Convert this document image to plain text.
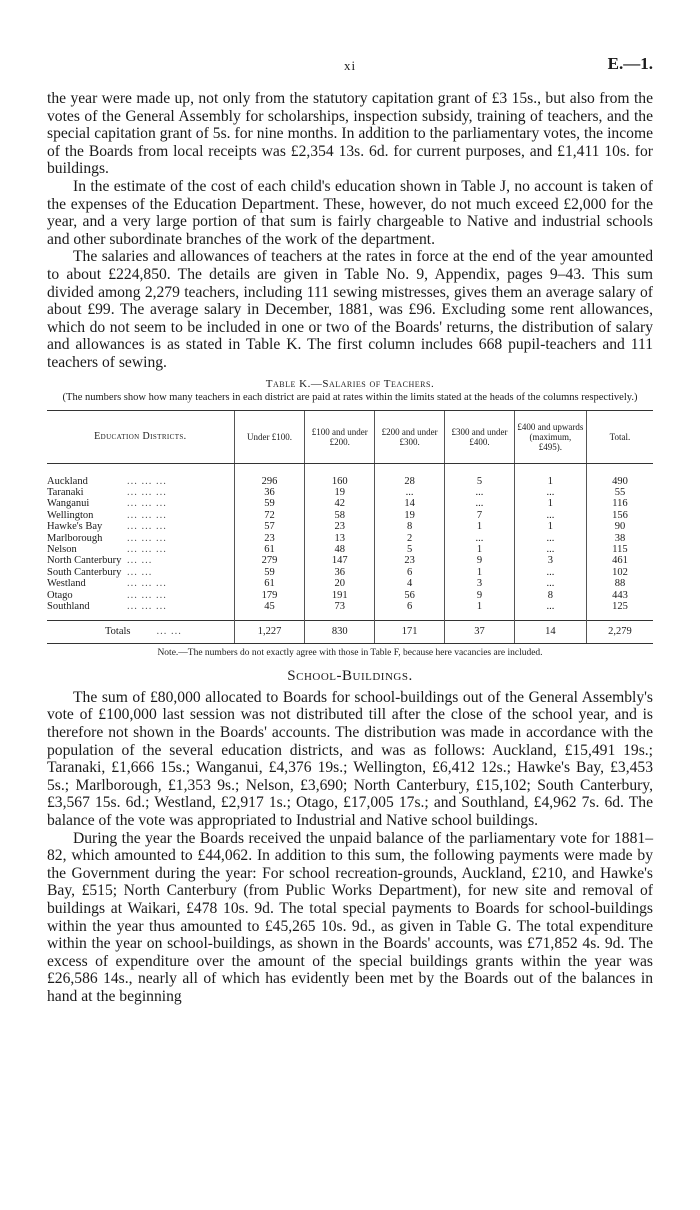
xi	E.—1.

the year were made up, not only from the statutory capitation grant of £3 15s., but also from the votes of the General Assembly for scholarships, inspection subsidy, training of teachers, and the special capitation grant of 5s. for nine months. In addition to the parliamentary votes, the income of the Boards from local receipts was £2,354 13s. 6d. for current purposes, and £1,411 10s. for buildings.

In the estimate of the cost of each child's education shown in Table J, no account is taken of the expenses of the Education Department. These, however, do not much exceed £2,000 for the year, and a very large portion of that sum is fairly chargeable to Native and industrial schools and other subordinate branches of the work of the department.

The salaries and allowances of teachers at the rates in force at the end of the year amounted to about £224,850. The details are given in Table No. 9, Appendix, pages 9–43. This sum divided among 2,279 teachers, including 111 sewing mistresses, gives them an average salary of about £99. The average salary in December, 1881, was £96. Excluding some rent allowances, which do not seem to be included in one or two of the Boards' returns, the distribution of salary and allowances is as stated in Table K. The first column includes 668 pupil-teachers and 111 teachers of sewing.

Table K.—Salaries of Teachers.
(The numbers show how many teachers in each district are paid at rates within the limits stated at the heads of the columns respectively.)
Education Districts.	Under £100.	£100 and under £200.	£200 and under £300.	£300 and under £400.	£400 and upwards (maximum, £495).	Total.
Auckland ... ... ...	296	160	28	5	1	490
Taranaki ... ... ...	36	19	...	...	...	55
Wanganui ... ... ...	59	42	14	...	1	116
Wellington ... ... ...	72	58	19	7	...	156
Hawke's Bay ... ... ...	57	23	8	1	1	90
Marlborough ... ... ...	23	13	2	...	...	38
Nelson ... ... ...	61	48	5	1	...	115
North Canterbury ... ...	279	147	23	9	3	461
South Canterbury ... ...	59	36	6	1	...	102
Westland ... ... ...	61	20	4	3	...	88
Otago ... ... ...	179	191	56	9	8	443
Southland ... ... ...	45	73	6	1	...	125
Totals ... ...	1,227	830	171	37	14	2,279
Note.—The numbers do not exactly agree with those in Table F, because here vacancies are included.
School-Buildings.

The sum of £80,000 allocated to Boards for school-buildings out of the General Assembly's vote of £100,000 last session was not distributed till after the close of the school year, and is therefore not shown in the Boards' accounts. The distribution was made in accordance with the population of the several education districts, and was as follows: Auckland, £15,491 19s.; Taranaki, £1,666 15s.; Wanganui, £4,376 19s.; Wellington, £6,412 12s.; Hawke's Bay, £3,453 5s.; Marlborough, £1,353 9s.; Nelson, £3,690; North Canterbury, £15,102; South Canterbury, £3,567 15s. 6d.; Westland, £2,917 1s.; Otago, £17,005 17s.; and Southland, £4,962 7s. 6d. The balance of the vote was appropriated to Industrial and Native school buildings.

During the year the Boards received the unpaid balance of the parliamentary vote for 1881–82, which amounted to £44,062. In addition to this sum, the following payments were made by the Government during the year: For school recreation-grounds, Auckland, £210, and Hawke's Bay, £515; North Canterbury (from Public Works Department), for new site and removal of buildings at Waikari, £478 10s. 9d. The total special payments to Boards for school-buildings within the year thus amounted to £45,265 10s. 9d., as given in Table G. The total expenditure within the year on school-buildings, as shown in the Boards' accounts, was £71,852 4s. 9d. The excess of expenditure over the amount of the special buildings grants within the year was £26,586 14s., nearly all of which has evidently been met by the Boards out of the balances in hand at the beginning
